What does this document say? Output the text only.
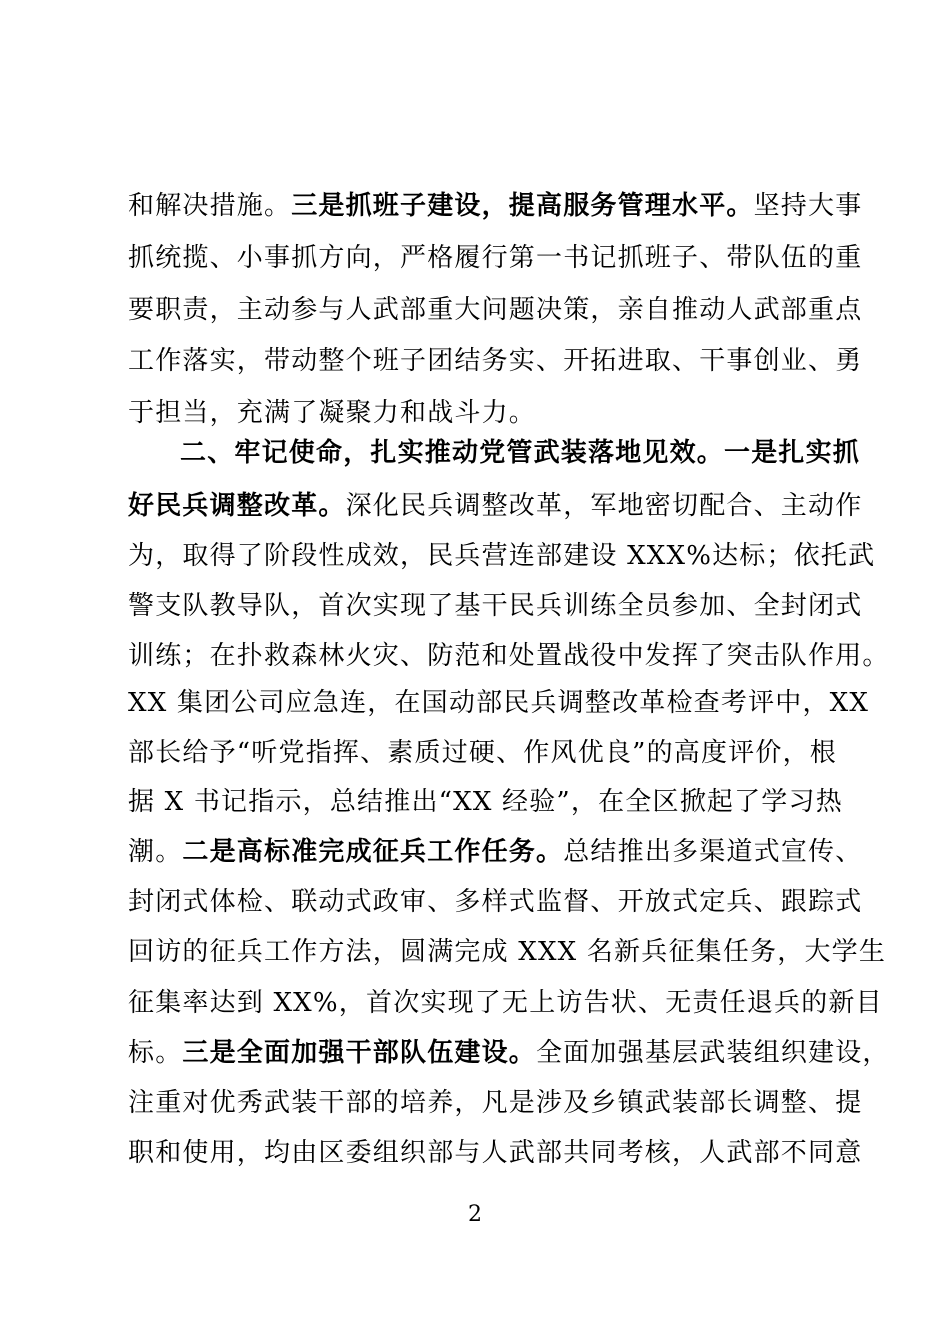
和解决措施。三是抓班子建设，提高服务管理水平。坚持大事
抓统揽、小事抓方向，严格履行第一书记抓班子、带队伍的重
要职责，主动参与人武部重大问题决策，亲自推动人武部重点
工作落实，带动整个班子团结务实、开拓进取、干事创业、勇
于担当，充满了凝聚力和战斗力。
二、牢记使命，扎实推动党管武装落地见效。一是扎实抓
好民兵调整改革。深化民兵调整改革，军地密切配合、主动作
为，取得了阶段性成效，民兵营连部建设 XXX%达标；依托武
警支队教导队，首次实现了基干民兵训练全员参加、全封闭式
训练；在扑救森林火灾、防范和处置战役中发挥了突击队作用。
XX 集团公司应急连，在国动部民兵调整改革检查考评中，XX
部长给予“听党指挥、素质过硬、作风优良”的高度评价，根
据 X 书记指示，总结推出“XX 经验”，在全区掀起了学习热
潮。二是高标准完成征兵工作任务。总结推出多渠道式宣传、
封闭式体检、联动式政审、多样式监督、开放式定兵、跟踪式
回访的征兵工作方法，圆满完成 XXX 名新兵征集任务，大学生
征集率达到 XX%，首次实现了无上访告状、无责任退兵的新目
标。三是全面加强干部队伍建设。全面加强基层武装组织建设，
注重对优秀武装干部的培养，凡是涉及乡镇武装部长调整、提
职和使用，均由区委组织部与人武部共同考核，人武部不同意
2
